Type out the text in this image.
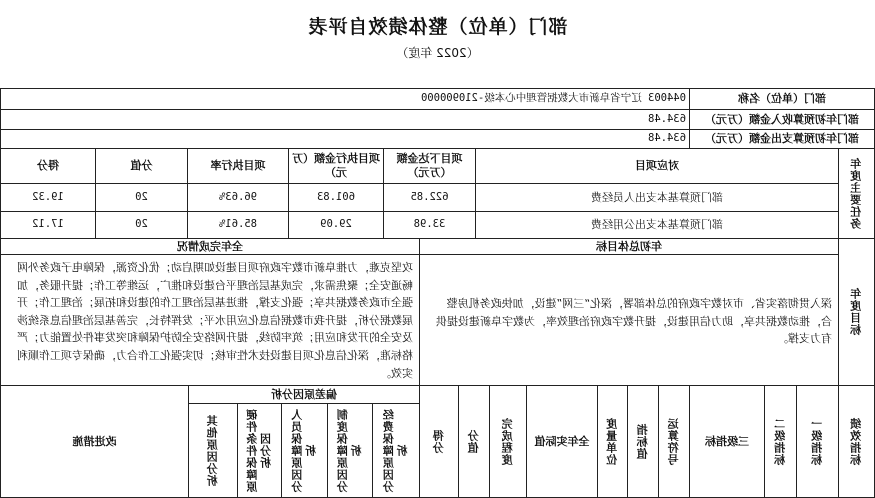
部门（单位）整体绩效自评表
（2022 年度）
部门（单位）名称
044003 辽宁省阜新市大数据管理中心本级-210900000
部门年初预算收入金额（万元）
634.48
部门年初预算支出金额（万元）
634.48
年度主要任务
对应项目
项目下达金额（万元）
项目执行金额（万元）
项目执行率
分值
得分
部门预算基本支出人员经费
622.85
601.83
96.63%
20
19.32
部门预算基本支出公用经费
33.98
29.09
85.61%
20
17.12
年度目标
年初总体目标
全年完成情况
深入贯彻落实省、市对数字政府的总体部署，深化“三网”建设，加快政务机房整合，推动数据共享，助力信用建设，提升数字政府治理效率，为数字阜新建设提供有力支撑。
攻坚克难，力推阜新市数字政府项目建设如期启动；优化资源，保障电子政务外网畅通安全；聚焦需求，完成基层治理平台建设和推广，运维等工作；提升服务，加强全市政务数据共享；强化支撑，推进基层治理工作的建设和拓展；治理工作；开展数据分析，提升我市数据信息化应用水平；发挥特长，完善基层治理信息系统涉及安全的开发和应用；筑牢防线，提升网络安全防护保障和突发事件处置能力；严格标准，深化信息化项目建设技术性审核；切实强化工作合力，确保专项工作顺利实效。
绩效指标
一级指标
二级指标
三级指标
运算符号
指标值
度量单位
全年实际值
完成程度
分值
得分
偏差原因分析
经费保障原因分析
制度保障原因分析
人员保障原因分析
硬件条件保障原因分析
其他原因分析
改进措施
